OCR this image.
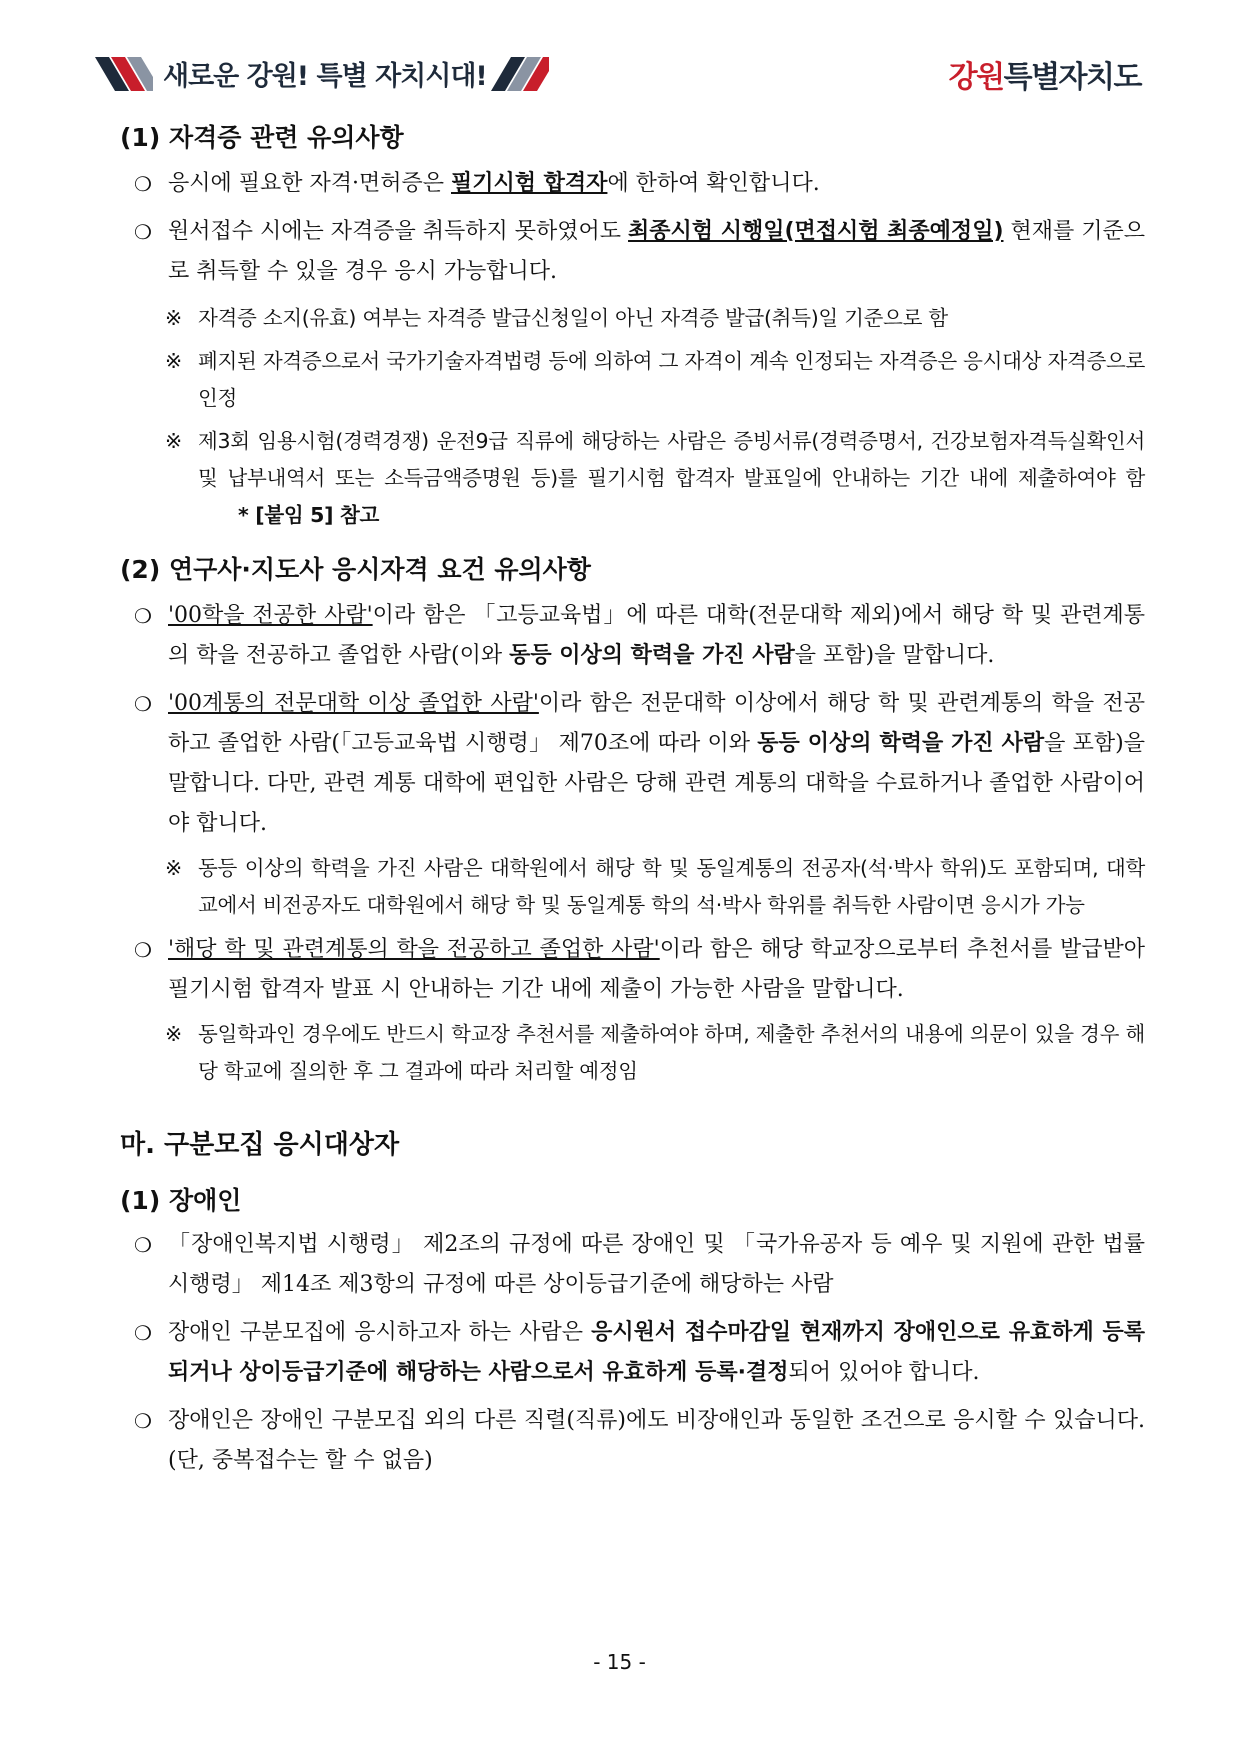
새로운 강원! 특별 자치시대!	강원특별자치도
(1) 자격증 관련 유의사항
❍ 응시에 필요한 자격·면허증은 필기시험 합격자에 한하여 확인합니다.
❍ 원서접수 시에는 자격증을 취득하지 못하였어도 최종시험 시행일(면접시험 최종예정일) 현재를 기준으로 취득할 수 있을 경우 응시 가능합니다.
※ 자격증 소지(유효) 여부는 자격증 발급신청일이 아닌 자격증 발급(취득)일 기준으로 함
※ 폐지된 자격증으로서 국가기술자격법령 등에 의하여 그 자격이 계속 인정되는 자격증은 응시대상 자격증으로 인정
※ 제3회 임용시험(경력경쟁) 운전9급 직류에 해당하는 사람은 증빙서류(경력증명서, 건강보험자격득실확인서 및 납부내역서 또는 소득금액증명원 등)를 필기시험 합격자 발표일에 안내하는 기간 내에 제출하여야 함 * [붙임 5] 참고
(2) 연구사·지도사 응시자격 요건 유의사항
❍ '00학을 전공한 사람'이라 함은 「고등교육법」에 따른 대학(전문대학 제외)에서 해당 학 및 관련계통의 학을 전공하고 졸업한 사람(이와 동등 이상의 학력을 가진 사람을 포함)을 말합니다.
❍ '00계통의 전문대학 이상 졸업한 사람'이라 함은 전문대학 이상에서 해당 학 및 관련계통의 학을 전공하고 졸업한 사람(「고등교육법 시행령」 제70조에 따라 이와 동등 이상의 학력을 가진 사람을 포함)을 말합니다. 다만, 관련 계통 대학에 편입한 사람은 당해 관련 계통의 대학을 수료하거나 졸업한 사람이어야 합니다.
※ 동등 이상의 학력을 가진 사람은 대학원에서 해당 학 및 동일계통의 전공자(석·박사 학위)도 포함되며, 대학교에서 비전공자도 대학원에서 해당 학 및 동일계통 학의 석·박사 학위를 취득한 사람이면 응시가 가능
❍ '해당 학 및 관련계통의 학을 전공하고 졸업한 사람'이라 함은 해당 학교장으로부터 추천서를 발급받아 필기시험 합격자 발표 시 안내하는 기간 내에 제출이 가능한 사람을 말합니다.
※ 동일학과인 경우에도 반드시 학교장 추천서를 제출하여야 하며, 제출한 추천서의 내용에 의문이 있을 경우 해당 학교에 질의한 후 그 결과에 따라 처리할 예정임
마. 구분모집 응시대상자
(1) 장애인
❍ 「장애인복지법 시행령」 제2조의 규정에 따른 장애인 및 「국가유공자 등 예우 및 지원에 관한 법률 시행령」 제14조 제3항의 규정에 따른 상이등급기준에 해당하는 사람
❍ 장애인 구분모집에 응시하고자 하는 사람은 응시원서 접수마감일 현재까지 장애인으로 유효하게 등록되거나 상이등급기준에 해당하는 사람으로서 유효하게 등록·결정되어 있어야 합니다.
❍ 장애인은 장애인 구분모집 외의 다른 직렬(직류)에도 비장애인과 동일한 조건으로 응시할 수 있습니다. (단, 중복접수는 할 수 없음)
- 15 -
